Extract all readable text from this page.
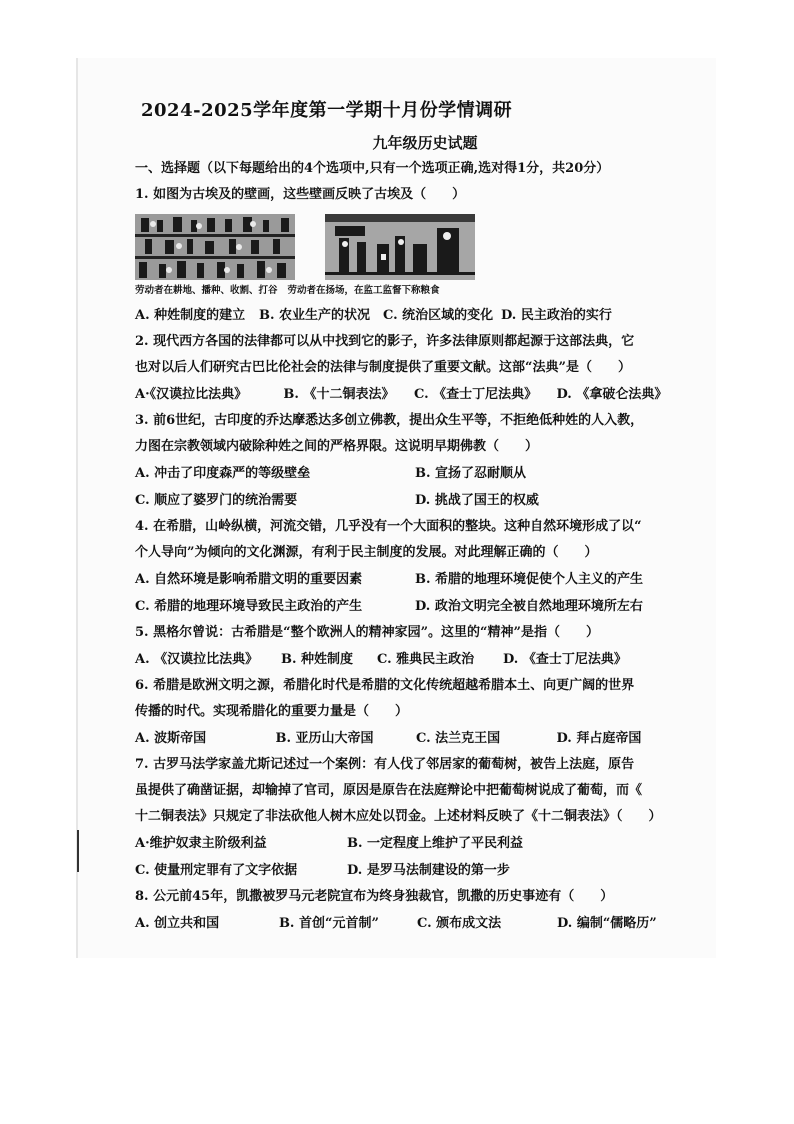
2024-2025学年度第一学期十月份学情调研
九年级历史试题
一、选择题（以下每题给出的4个选项中,只有一个选项正确,选对得1分，共20分）

1. 如图为古埃及的壁画，这些壁画反映了古埃及（　　）

劳动者在耕地、播种、收割、打谷 劳动者在扬场，在监工监督下称粮食
A. 种姓制度的建立	B. 农业生产的状况 C. 统治区域的变化 D. 民主政治的实行

2. 现代西方各国的法律都可以从中找到它的影子，许多法律原则都起源于这部法典，它

也对以后人们研究古巴比伦社会的法律与制度提供了重要文献。这部“法典”是（　　）

A·《汉谟拉比法典》	B. 《十二铜表法》	C. 《查士丁尼法典》	D. 《拿破仑法典》

3. 前6世纪，古印度的乔达摩悉达多创立佛教，提出众生平等，不拒绝低种姓的人入教，

力图在宗教领域内破除种姓之间的严格界限。这说明早期佛教（　　）

A. 冲击了印度森严的等级壁垒	B. 宣扬了忍耐顺从
C. 顺应了婆罗门的统治需要	D. 挑战了国王的权威

4. 在希腊，山岭纵横，河流交错，几乎没有一个大面积的整块。这种自然环境形成了以“

个人导向”为倾向的文化渊源，有利于民主制度的发展。对此理解正确的（　　）

A. 自然环境是影响希腊文明的重要因素	B. 希腊的地理环境促使个人主义的产生
C. 希腊的地理环境导致民主政治的产生	D. 政治文明完全被自然地理环境所左右

5. 黑格尔曾说：古希腊是“整个欧洲人的精神家园”。这里的“精神”是指（　　）

A. 《汉谟拉比法典》	B. 种姓制度	C. 雅典民主政治	D. 《查士丁尼法典》

6. 希腊是欧洲文明之源，希腊化时代是希腊的文化传统超越希腊本土、向更广阔的世界

传播的时代。实现希腊化的重要力量是（　　）

A. 波斯帝国	B. 亚历山大帝国	C. 法兰克王国	D. 拜占庭帝国

7. 古罗马法学家盖尤斯记述过一个案例：有人伐了邻居家的葡萄树，被告上法庭，原告

虽提供了确凿证据，却输掉了官司，原因是原告在法庭辩论中把葡萄树说成了葡萄，而《

十二铜表法》只规定了非法砍他人树木应处以罚金。上述材料反映了《十二铜表法》（　　）

A·维护奴隶主阶级利益	B. 一定程度上维护了平民利益
C. 使量刑定罪有了文字依据	D. 是罗马法制建设的第一步

8. 公元前45年，凯撒被罗马元老院宣布为终身独裁官，凯撒的历史事迹有（　　）

A. 创立共和国	B. 首创“元首制”	C. 颁布成文法	D. 编制“儒略历”
